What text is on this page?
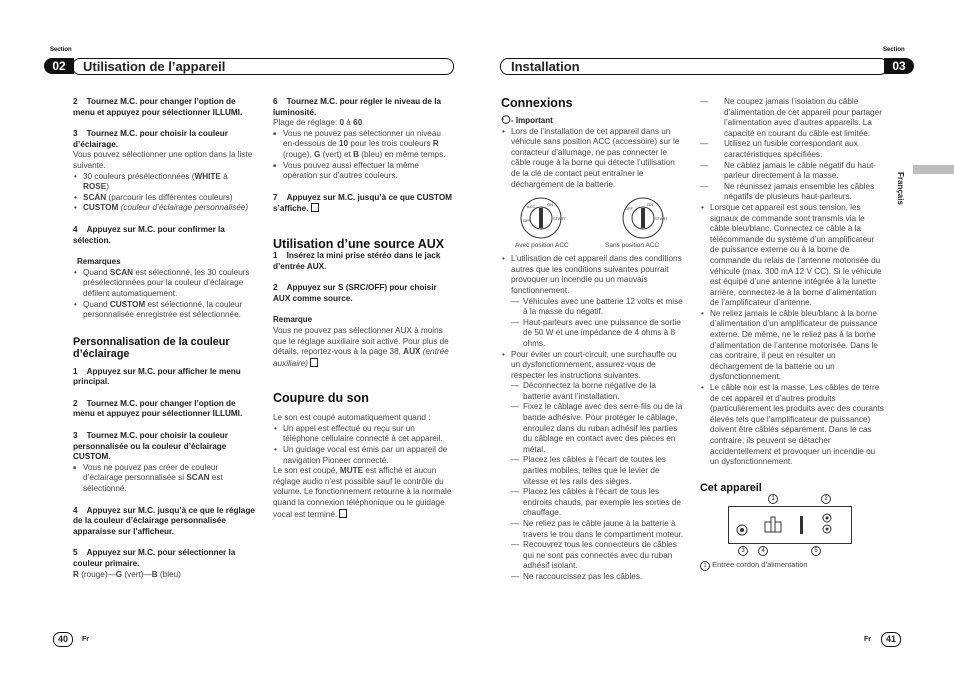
Section
02	Utilisation de l’appareil	Installation
Section
03
Français

2 Tournez M.C. pour changer l’option de menu et appuyez pour sélectionner ILLUMI.

3 Tournez M.C. pour choisir la couleur d’éclairage.

Vous pouvez sélectionner une option dans la liste suivante.

• 30 couleurs présélectionnées (WHITE à ROSE)
• SCAN (parcourir les différentes couleurs)
• CUSTOM (couleur d’éclairage personnalisée)

4 Appuyez sur M.C. pour confirmer la sélection.

Remarques

• Quand SCAN est sélectionné, les 30 couleurs présélectionnées pour la couleur d’éclairage défilent automatiquement.
• Quand CUSTOM est sélectionné, la couleur personnalisée enregistrée est sélectionnée.

Personnalisation de la couleur d’éclairage

1 Appuyez sur M.C. pour afficher le menu principal.

2 Tournez M.C. pour changer l’option de menu et appuyez pour sélectionner ILLUMI.

3 Tournez M.C. pour choisir la couleur personnalisée ou la couleur d’éclairage CUSTOM.

■ Vous ne pouvez pas créer de couleur d’éclairage personnalisée si SCAN est sélectionné.

4 Appuyez sur M.C. jusqu’à ce que le réglage de la couleur d’éclairage personnalisée apparaisse sur l’afficheur.

5 Appuyez sur M.C. pour sélectionner la couleur primaire.

R (rouge)—G (vert)—B (bleu)

6 Tournez M.C. pour régler le niveau de la luminosité.

Plage de réglage: 0 à 60

■ Vous ne pouvez pas sélectionner un niveau en-dessous de 10 pour les trois couleurs R (rouge), G (vert) et B (bleu) en même temps.
■ Vous pouvez aussi effectuer la même opération sur d’autres couleurs.

7 Appuyez sur M.C. jusqu’à ce que CUSTOM s’affiche.

Utilisation d’une source AUX

1 Insérez la mini prise stéréo dans le jack d’entrée AUX.

2 Appuyez sur S (SRC/OFF) pour choisir AUX comme source.

Remarque

Vous ne pouvez pas sélectionner AUX à moins que le réglage auxiliaire soit activé. Pour plus de détails, reportez-vous à la page 38, AUX (entrée auxiliaire)

Coupure du son

Le son est coupé automatiquement quand :

• Un appel est effectué ou reçu sur un téléphone cellulaire connecté à cet appareil.
• Un guidage vocal est émis par un appareil de navigation Pioneer connecté.

Le son est coupé, MUTE est affiché et aucun réglage audio n’est possible sauf le contrôle du volume. Le fonctionnement retourne à la normale quand la connexion téléphonique ou le guidage vocal est terminé.

Connexions

- Important

• Lors de l’installation de cet appareil dans un véhicule sans position ACC (accessoire) sur le contacteur d’allumage, ne pas connecter le câble rouge à la borne qui détecte l’utilisation de la clé de contact peut entraîner le déchargement de la batterie.
ACC	ON
START
OFF
ON
START
OFF
Avec position ACC	Sans position ACC
• L’utilisation de cet appareil dans des conditions autres que les conditions suivantes pourrait provoquer un incendie ou un mauvais fonctionnement.
— Véhicules avec une batterie 12 volts et mise à la masse du négatif.
— Haut-parleurs avec une puissance de sortie de 50 W et une impédance de 4 ohms à 8 ohms.
• Pour éviter un court-circuit, une surchauffe ou un dysfonctionnement, assurez-vous de respecter les instructions suivantes.
— Déconnectez la borne négative de la batterie avant l’installation.
— Fixez le câblage avec des serre-fils ou de la bande adhésive. Pour protéger le câblage, enroulez dans du ruban adhésif les parties du câblage en contact avec des pièces en métal.
— Placez les câbles à l’écart de toutes les parties mobiles, telles que le levier de vitesse et les rails des sièges.
— Placez les câbles à l’écart de tous les endroits chauds, par exemple les sorties de chauffage.
— Ne reliez pas le câble jaune à la batterie à travers le trou dans le compartiment moteur.
— Recouvrez tous les connecteurs de câbles qui ne sont pas connectés avec du ruban adhésif isolant.
— Ne raccourcissez pas les câbles.
— Ne coupez jamais l’isolation du câble d’alimentation de cet appareil pour partager l’alimentation avec d’autres appareils. La capacité en courant du câble est limitée.
— Utilisez un fusible correspondant aux caractéristiques spécifiées.
— Ne câblez jamais le câble négatif du haut-parleur directement à la masse.
— Ne réunissez jamais ensemble les câbles négatifs de plusieurs haut-parleurs.
• Lorsque cet appareil est sous tension, les signaux de commande sont transmis via le câble bleu/blanc. Connectez ce câble à la télécommande du système d’un amplificateur de puissance externe ou à la borne de commande du relais de l’antenne motorisée du véhicule (max. 300 mA 12 V CC). Si le véhicule est équipé d’une antenne intégrée à la lunette arrière, connectez-le à la borne d’alimentation de l’amplificateur d’antenne.
• Ne reliez jamais le câble bleu/blanc à la borne d’alimentation d’un amplificateur de puissance externe. De même, ne le reliez pas à la borne d’alimentation de l’antenne motorisée. Dans le cas contraire, il peut en résulter un déchargement de la batterie ou un dysfonctionnement.
• Le câble noir est la masse. Les câbles de terre de cet appareil et d’autres produits (particulièrement les produits avec des courants élevés tels que l’amplificateur de puissance) doivent être câblés séparément. Dans le cas contraire, ils peuvent se détacher accidentellement et provoquer un incendie ou un dysfonctionnement.

Cet appareil

1	2
3	4	5

1 Entrée cordon d’alimentation

40	Fr	Fr	41
